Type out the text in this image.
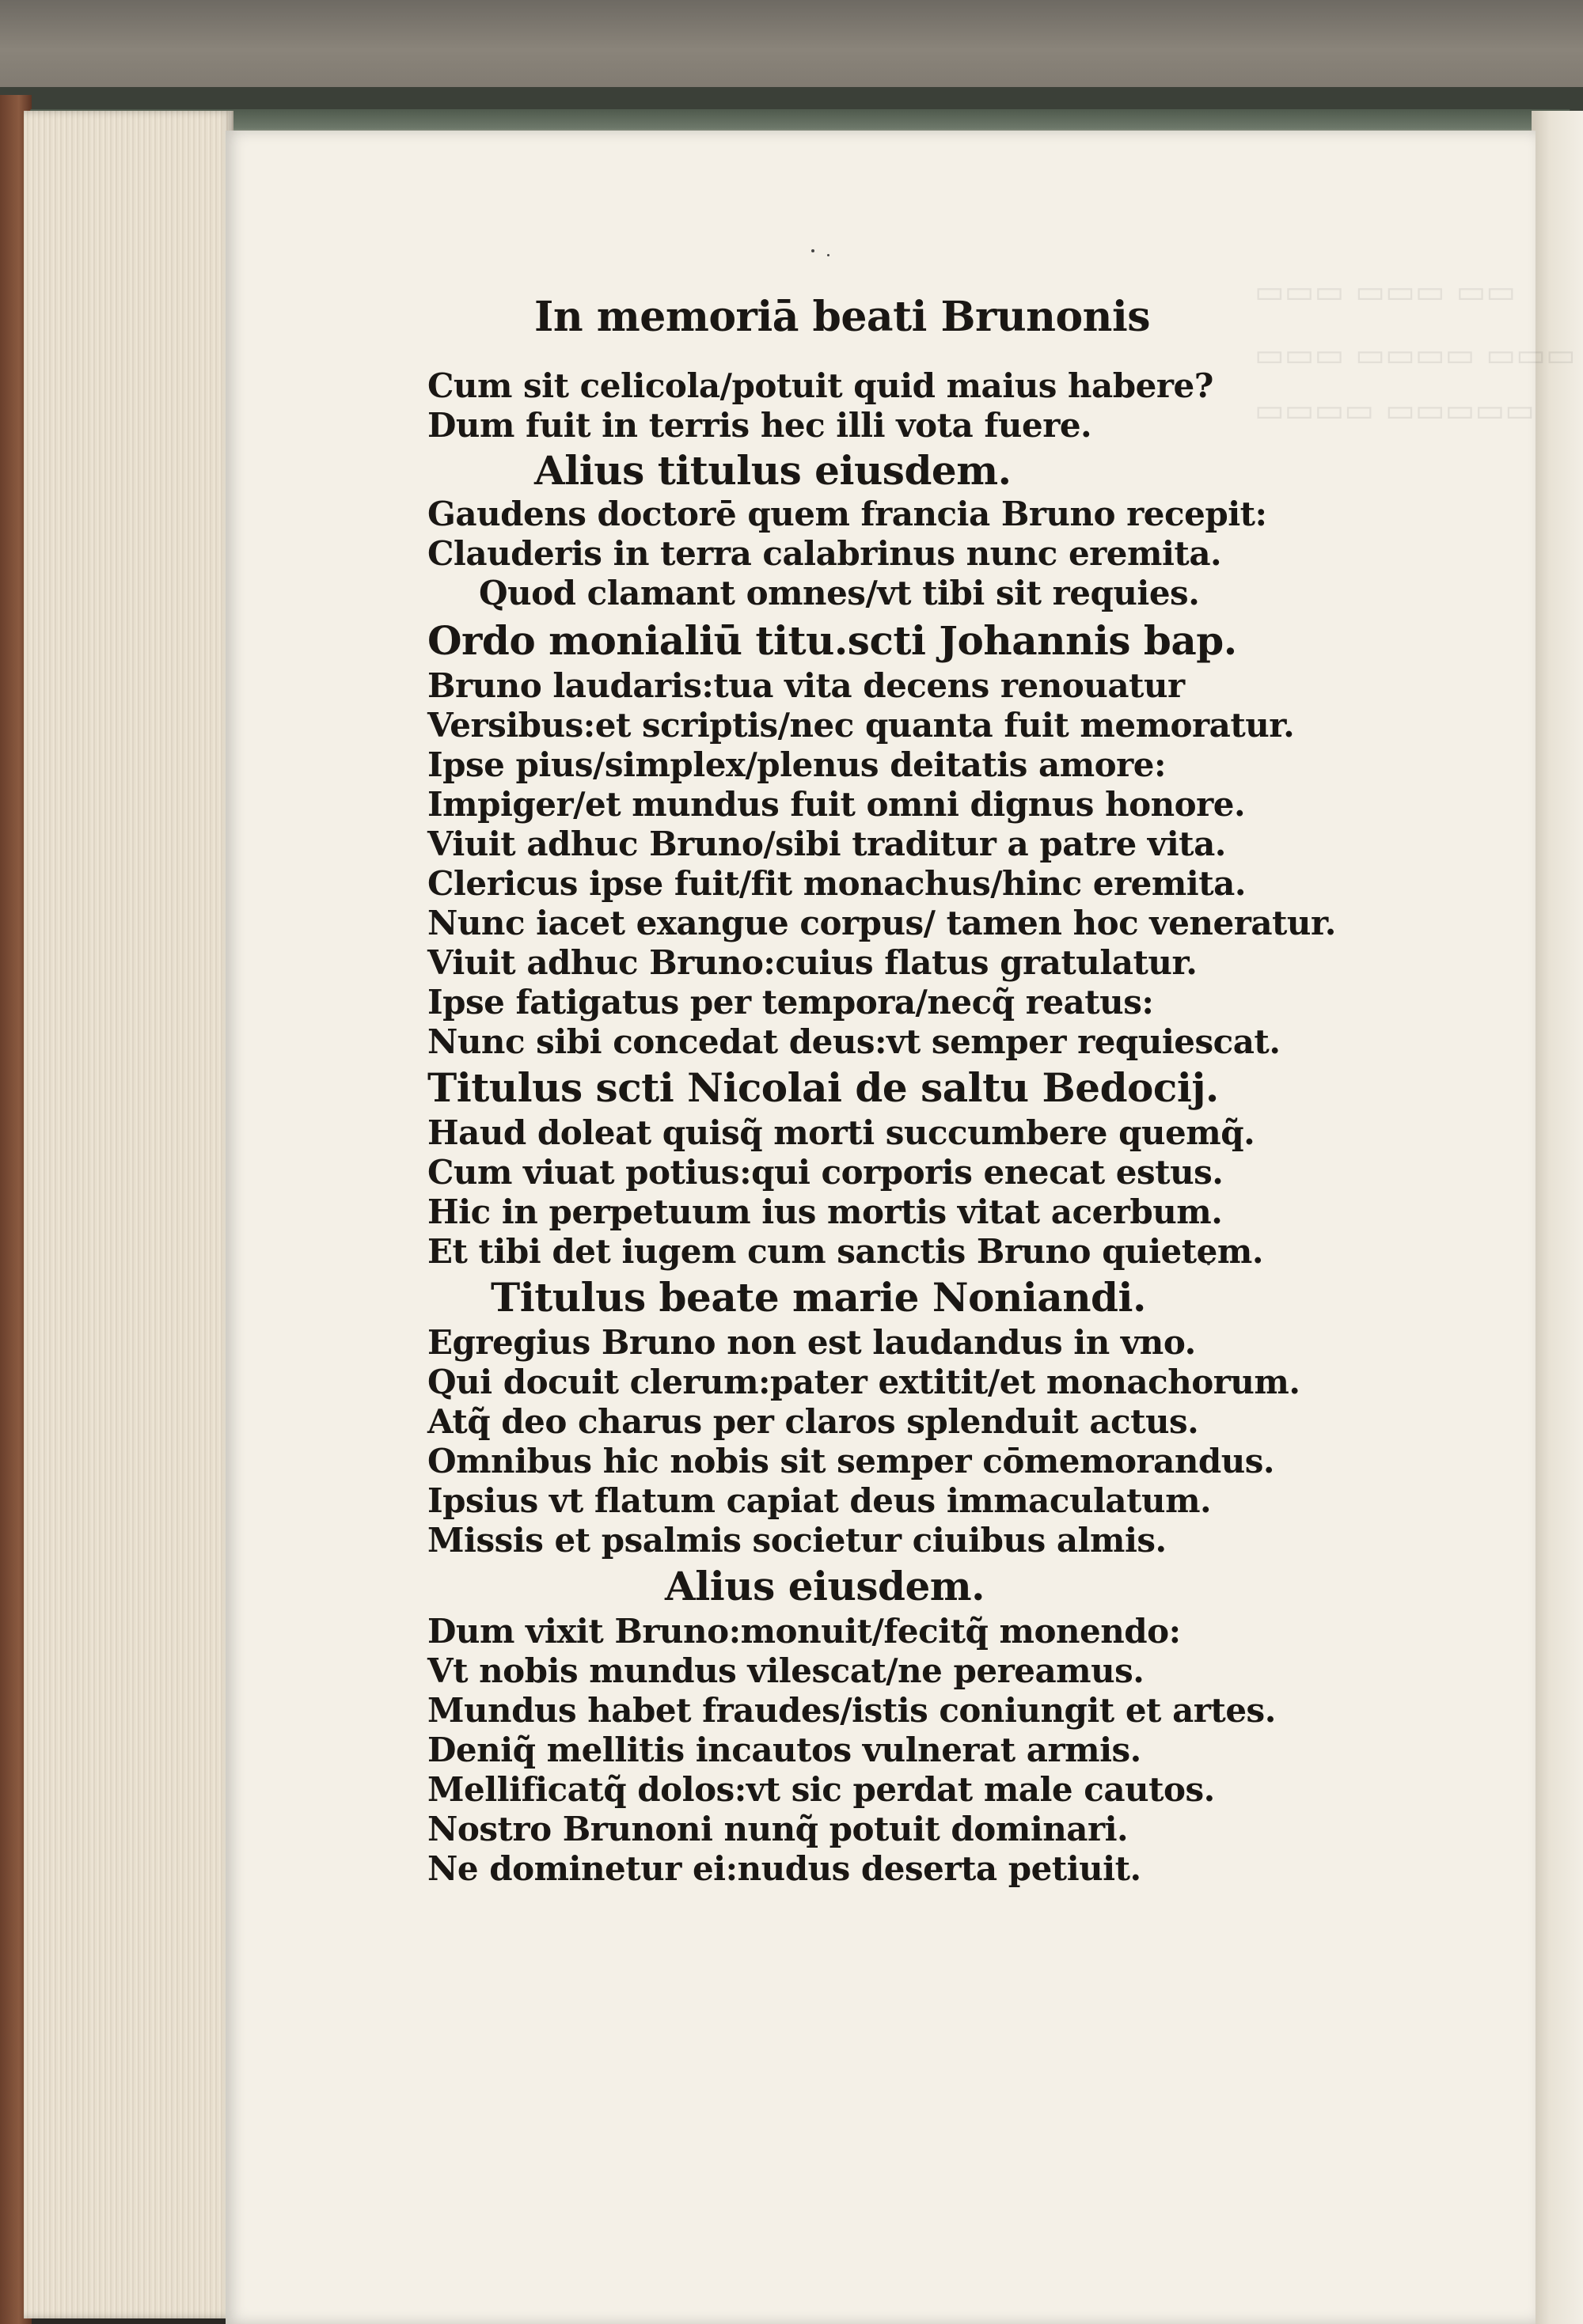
▭▭▭ ▭▭▭ ▭▭
▭▭▭ ▭▭▭▭ ▭▭▭
▭▭▭▭ ▭▭▭▭▭
In memoriā beati Brunonis
Cum sit celicola/potuit quid maius habere?
Dum fuit in terris hec illi vota fuere.
Alius titulus eiusdem.
Gaudens doctorē quem francia Bruno recepit:
Clauderis in terra calabrinus nunc eremita.
Quod clamant omnes/vt tibi sit requies.
Ordo monialiū titu.scti Johannis bap.
Bruno laudaris:tua vita decens renouatur
Versibus:et scriptis/nec quanta fuit memoratur.
Ipse pius/simplex/plenus deitatis amore:
Impiger/et mundus fuit omni dignus honore.
Viuit adhuc Bruno/sibi traditur a patre vita.
Clericus ipse fuit/fit monachus/hinc eremita.
Nunc iacet exangue corpus/ tamen hoc veneratur.
Viuit adhuc Bruno:cuius flatus gratulatur.
Ipse fatigatus per tempora/necq̃ reatus:
Nunc sibi concedat deus:vt semper requiescat.
Titulus scti Nicolai de saltu Bedocij.
Haud doleat quisq̃ morti succumbere quemq̃.
Cum viuat potius:qui corporis enecat estus.
Hic in perpetuum ius mortis vitat acerbum.
Et tibi det iugem cum sanctis Bruno quietem.
Titulus beate marie Noniandi.
Egregius Bruno non est laudandus in vno.
Qui docuit clerum:pater extitit/et monachorum.
Atq̃ deo charus per claros splenduit actus.
Omnibus hic nobis sit semper cōmemorandus.
Ipsius vt flatum capiat deus immaculatum.
Missis et psalmis societur ciuibus almis.
Alius eiusdem.
Dum vixit Bruno:monuit/fecitq̃ monendo:
Vt nobis mundus vilescat/ne pereamus.
Mundus habet fraudes/istis coniungit et artes.
Deniq̃ mellitis incautos vulnerat armis.
Mellificatq̃ dolos:vt sic perdat male cautos.
Nostro Brunoni nunq̃ potuit dominari.
Ne dominetur ei:nudus deserta petiuit.
